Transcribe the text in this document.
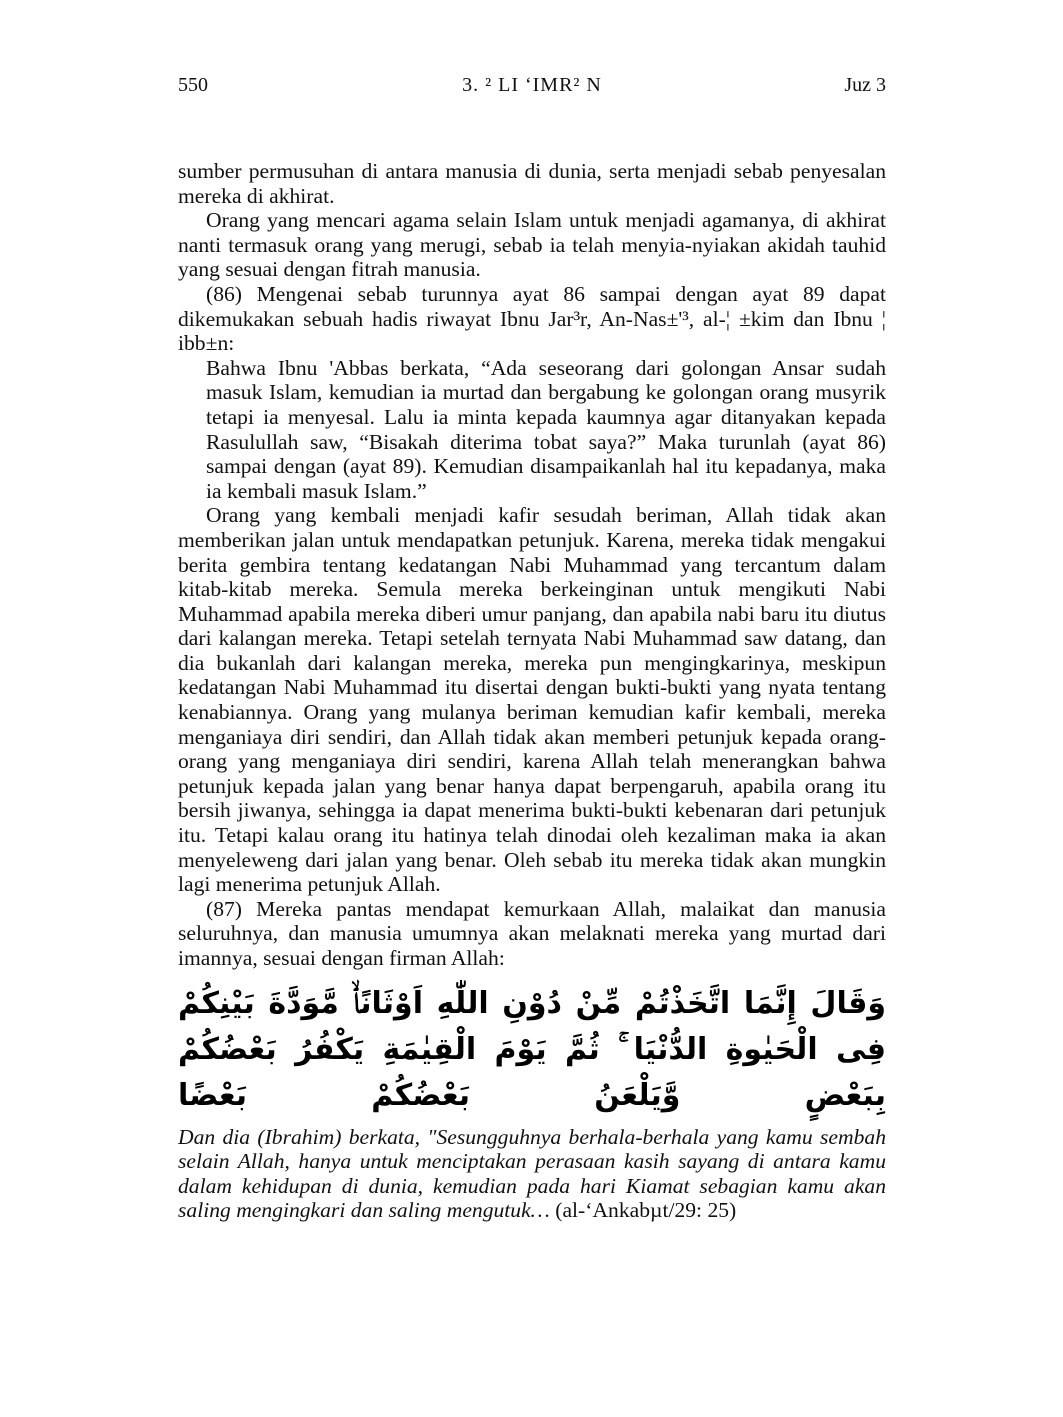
550	3. ² LI ‘IMR² N	Juz 3

sumber permusuhan di antara manusia di dunia, serta menjadi sebab penyesalan mereka di akhirat.

Orang yang mencari agama selain Islam untuk menjadi agamanya, di akhirat nanti termasuk orang yang merugi, sebab ia telah menyia-nyiakan akidah tauhid yang sesuai dengan fitrah manusia.

(86) Mengenai sebab turunnya ayat 86 sampai dengan ayat 89 dapat dikemukakan sebuah hadis riwayat Ibnu Jar³r, An-Nas±'³, al-¦ ±kim dan Ibnu ¦ ibb±n:

Bahwa Ibnu 'Abbas berkata, “Ada seseorang dari golongan Ansar sudah masuk Islam, kemudian ia murtad dan bergabung ke golongan orang musyrik tetapi ia menyesal. Lalu ia minta kepada kaumnya agar ditanyakan kepada Rasulullah saw, “Bisakah diterima tobat saya?” Maka turunlah (ayat 86) sampai dengan (ayat 89). Kemudian disampaikanlah hal itu kepadanya, maka ia kembali masuk Islam.”

Orang yang kembali menjadi kafir sesudah beriman, Allah tidak akan memberikan jalan untuk mendapatkan petunjuk. Karena, mereka tidak mengakui berita gembira tentang kedatangan Nabi Muhammad yang tercantum dalam kitab-kitab mereka. Semula mereka berkeinginan untuk mengikuti Nabi Muhammad apabila mereka diberi umur panjang, dan apabila nabi baru itu diutus dari kalangan mereka. Tetapi setelah ternyata Nabi Muhammad saw datang, dan dia bukanlah dari kalangan mereka, mereka pun mengingkarinya, meskipun kedatangan Nabi Muhammad itu disertai dengan bukti-bukti yang nyata tentang kenabiannya. Orang yang mulanya beriman kemudian kafir kembali, mereka menganiaya diri sendiri, dan Allah tidak akan memberi petunjuk kepada orang-orang yang menganiaya diri sendiri, karena Allah telah menerangkan bahwa petunjuk kepada jalan yang benar hanya dapat berpengaruh, apabila orang itu bersih jiwanya, sehingga ia dapat menerima bukti-bukti kebenaran dari petunjuk itu. Tetapi kalau orang itu hatinya telah dinodai oleh kezaliman maka ia akan menyeleweng dari jalan yang benar. Oleh sebab itu mereka tidak akan mungkin lagi menerima petunjuk Allah.

(87) Mereka pantas mendapat kemurkaan Allah, malaikat dan manusia seluruhnya, dan manusia umumnya akan melaknati mereka yang murtad dari imannya, sesuai dengan firman Allah:

وَقَالَ إِنَّمَا اتَّخَذْتُمْ مِّنْ دُوْنِ اللّٰهِ اَوْثَانًاۙ مَّوَدَّةَ بَيْنِكُمْ فِى الْحَيٰوةِ الدُّنْيَا ۚ ثُمَّ يَوْمَ الْقِيٰمَةِ يَكْفُرُ بَعْضُكُمْ بِبَعْضٍ وَّيَلْعَنُ بَعْضُكُمْ بَعْضًا

Dan dia (Ibrahim) berkata, "Sesungguhnya berhala-berhala yang kamu sembah selain Allah, hanya untuk menciptakan perasaan kasih sayang di antara kamu dalam kehidupan di dunia, kemudian pada hari Kiamat sebagian kamu akan saling mengingkari dan saling mengutuk… (al-‘Ankabµt/29: 25)
